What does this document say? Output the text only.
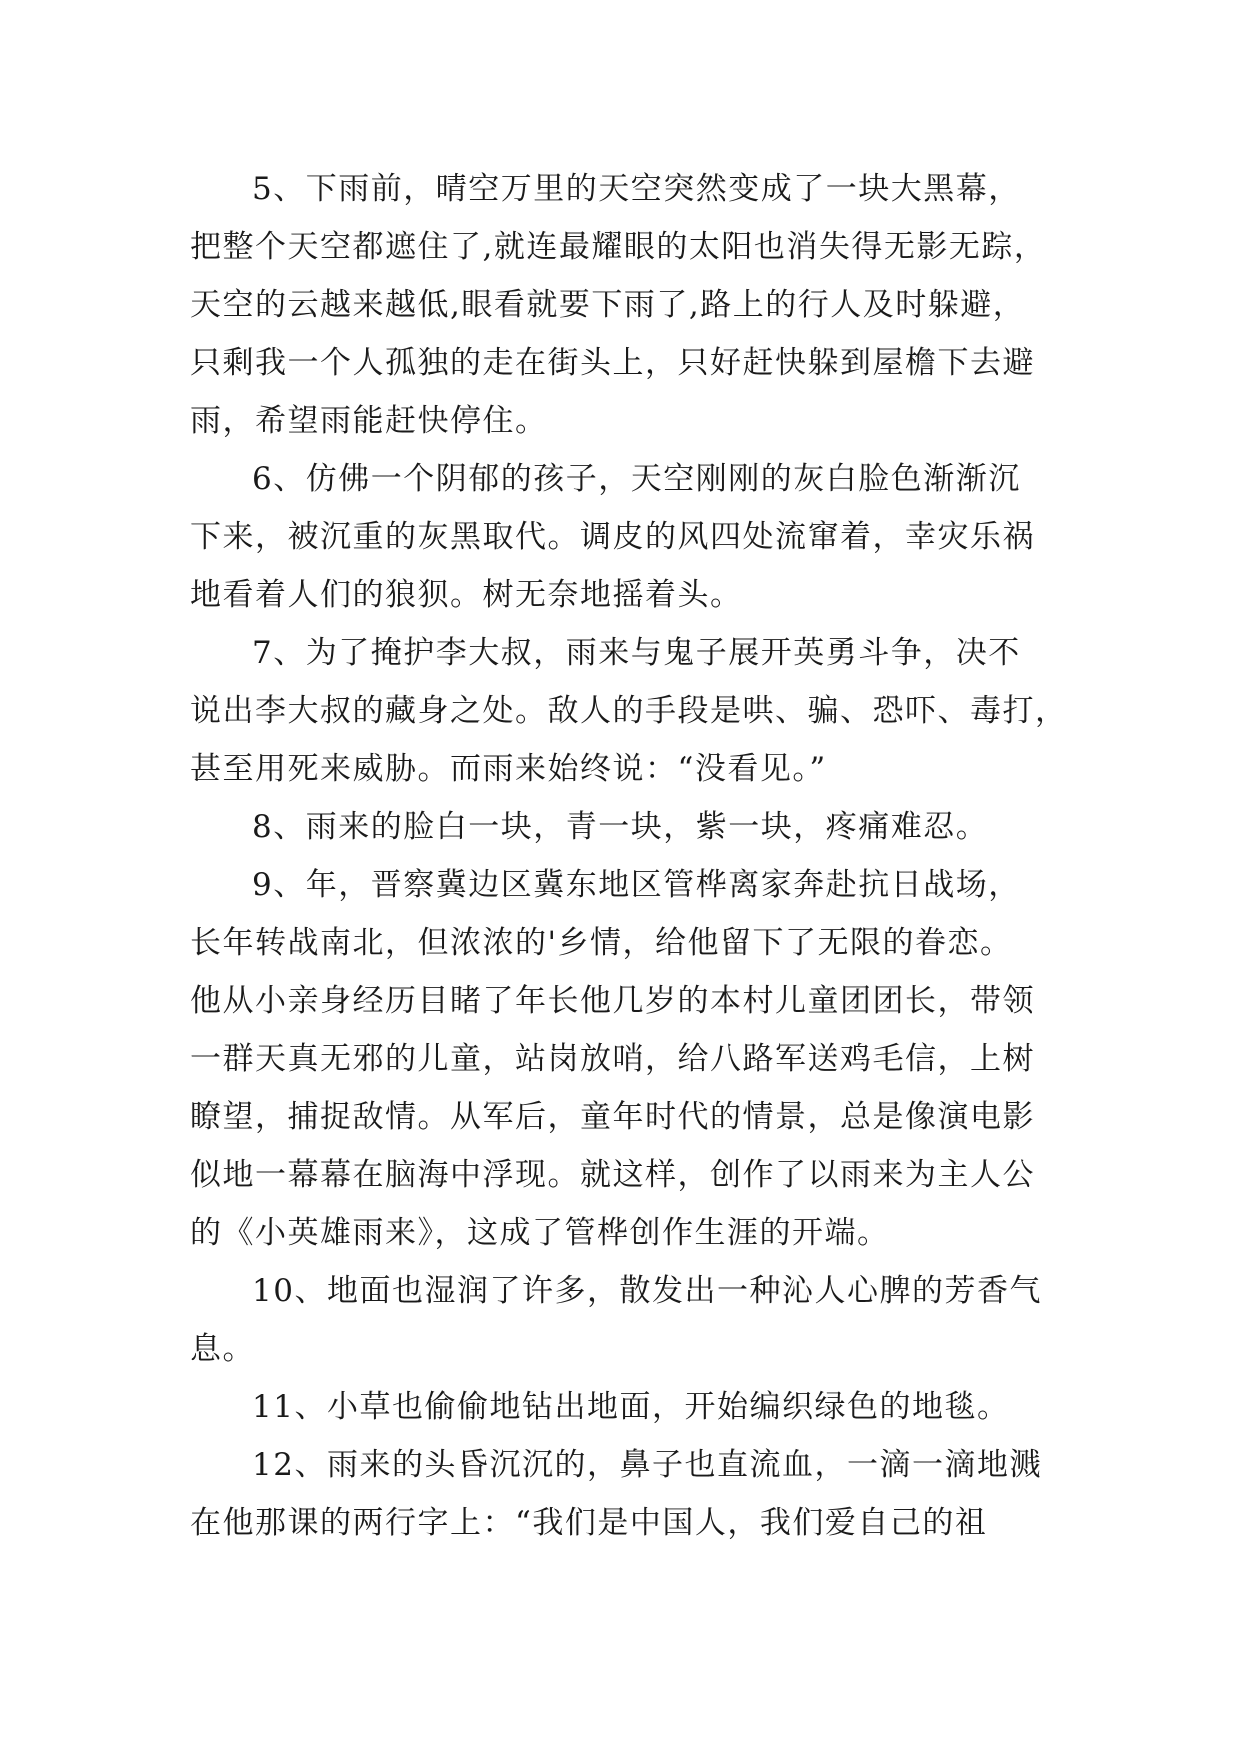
5、下雨前，晴空万里的天空突然变成了一块大黑幕，
把整个天空都遮住了,就连最耀眼的太阳也消失得无影无踪，
天空的云越来越低,眼看就要下雨了,路上的行人及时躲避，
只剩我一个人孤独的走在街头上，只好赶快躲到屋檐下去避
雨，希望雨能赶快停住。
6、仿佛一个阴郁的孩子，天空刚刚的灰白脸色渐渐沉
下来，被沉重的灰黑取代。调皮的风四处流窜着，幸灾乐祸
地看着人们的狼狈。树无奈地摇着头。
7、为了掩护李大叔，雨来与鬼子展开英勇斗争，决不
说出李大叔的藏身之处。敌人的手段是哄、骗、恐吓、毒打，
甚至用死来威胁。而雨来始终说：“没看见。”
8、雨来的脸白一块，青一块，紫一块，疼痛难忍。
9、年，晋察冀边区冀东地区管桦离家奔赴抗日战场，
长年转战南北，但浓浓的'乡情，给他留下了无限的眷恋。
他从小亲身经历目睹了年长他几岁的本村儿童团团长，带领
一群天真无邪的儿童，站岗放哨，给八路军送鸡毛信，上树
瞭望，捕捉敌情。从军后，童年时代的情景，总是像演电影
似地一幕幕在脑海中浮现。就这样，创作了以雨来为主人公
的《小英雄雨来》，这成了管桦创作生涯的开端。
10、地面也湿润了许多，散发出一种沁人心脾的芳香气
息。
11、小草也偷偷地钻出地面，开始编织绿色的地毯。
12、雨来的头昏沉沉的，鼻子也直流血，一滴一滴地溅
在他那课的两行字上：“我们是中国人，我们爱自己的祖
